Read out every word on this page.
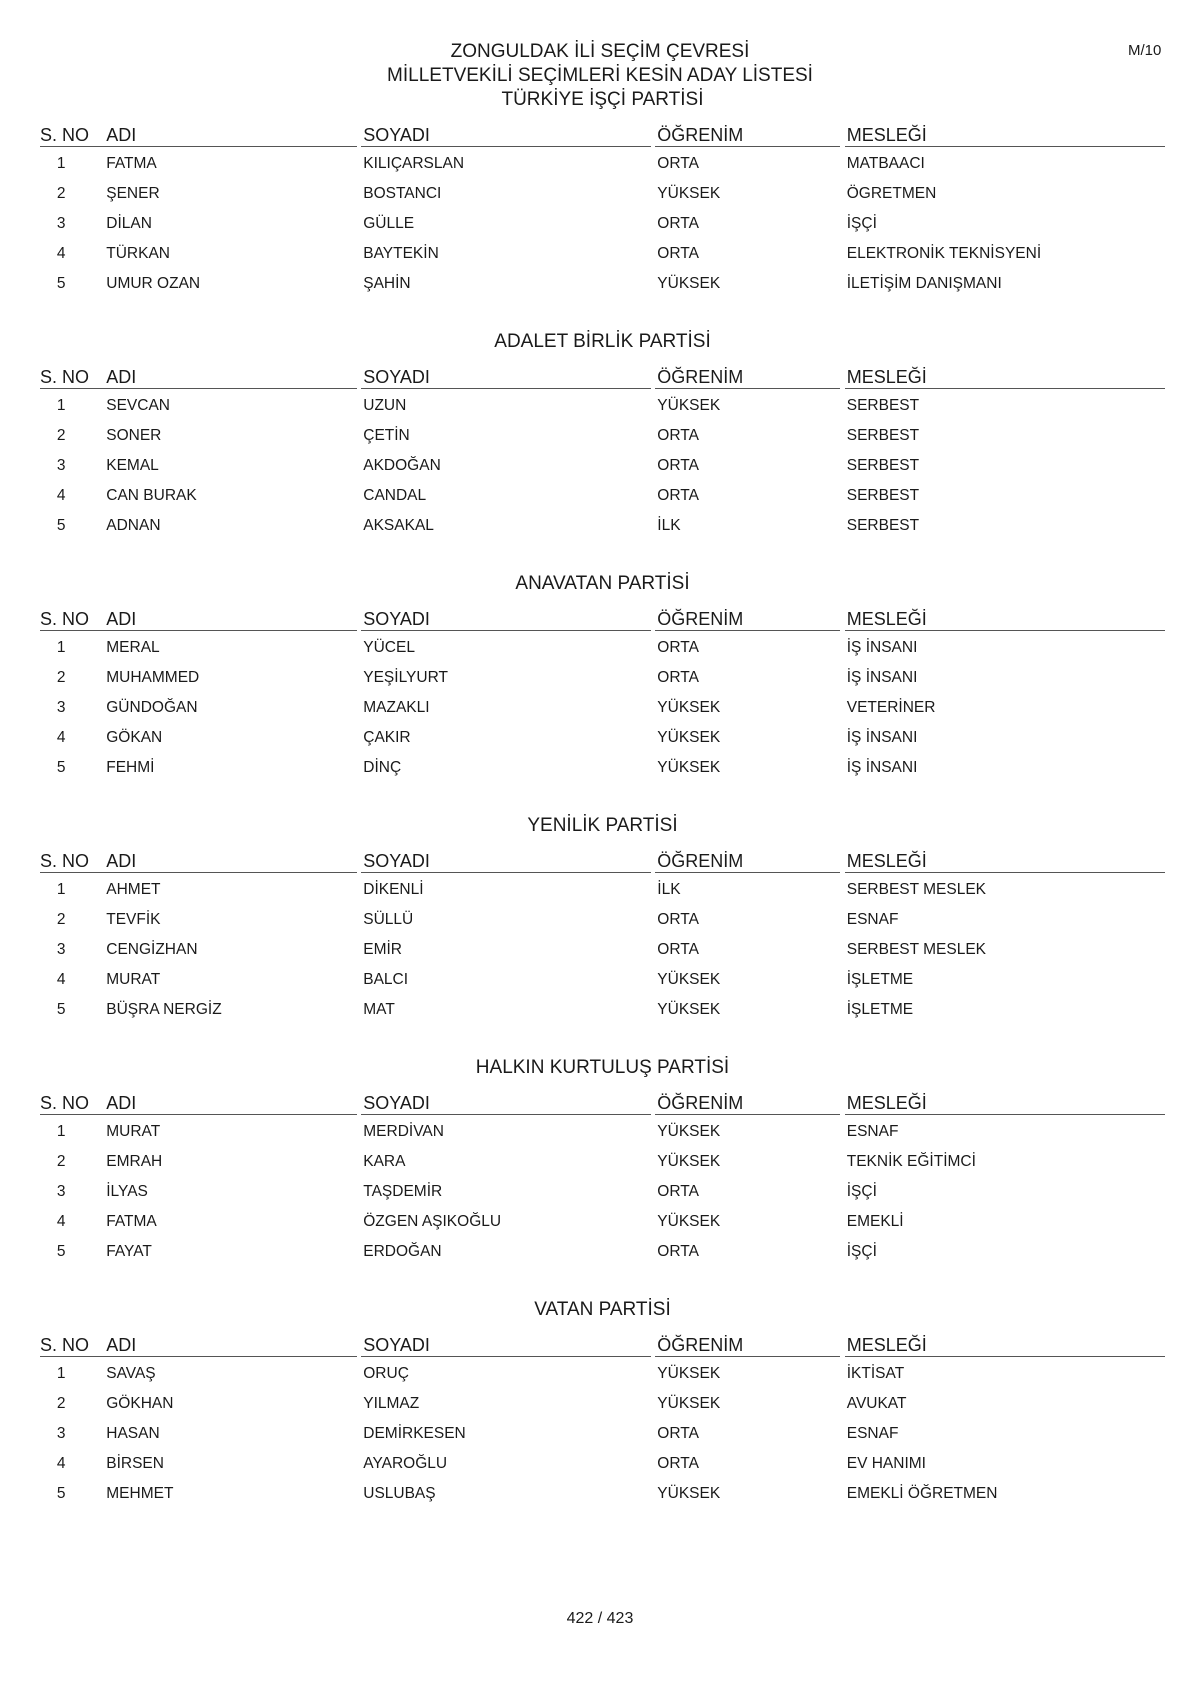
M/10
ZONGULDAK İLİ SEÇİM ÇEVRESİ
MİLLETVEKİLİ SEÇİMLERİ KESİN ADAY LİSTESİ
TÜRKİYE İŞÇİ PARTİSİ
S. NO	ADI		SOYADI		ÖĞRENİM		MESLEĞİ
1	FATMA		KILIÇARSLAN		ORTA		MATBAACI
2	ŞENER		BOSTANCI		YÜKSEK		ÖGRETMEN
3	DİLAN		GÜLLE		ORTA		İŞÇİ
4	TÜRKAN		BAYTEKİN		ORTA		ELEKTRONİK TEKNİSYENİ
5	UMUR OZAN		ŞAHİN		YÜKSEK		İLETİŞİM DANIŞMANI
ADALET BİRLİK PARTİSİ
S. NO	ADI		SOYADI		ÖĞRENİM		MESLEĞİ
1	SEVCAN		UZUN		YÜKSEK		SERBEST
2	SONER		ÇETİN		ORTA		SERBEST
3	KEMAL		AKDOĞAN		ORTA		SERBEST
4	CAN BURAK		CANDAL		ORTA		SERBEST
5	ADNAN		AKSAKAL		İLK		SERBEST
ANAVATAN PARTİSİ
S. NO	ADI		SOYADI		ÖĞRENİM		MESLEĞİ
1	MERAL		YÜCEL		ORTA		İŞ İNSANI
2	MUHAMMED		YEŞİLYURT		ORTA		İŞ İNSANI
3	GÜNDOĞAN		MAZAKLI		YÜKSEK		VETERİNER
4	GÖKAN		ÇAKIR		YÜKSEK		İŞ İNSANI
5	FEHMİ		DİNÇ		YÜKSEK		İŞ İNSANI
YENİLİK PARTİSİ
S. NO	ADI		SOYADI		ÖĞRENİM		MESLEĞİ
1	AHMET		DİKENLİ		İLK		SERBEST MESLEK
2	TEVFİK		SÜLLÜ		ORTA		ESNAF
3	CENGİZHAN		EMİR		ORTA		SERBEST MESLEK
4	MURAT		BALCI		YÜKSEK		İŞLETME
5	BÜŞRA NERGİZ		MAT		YÜKSEK		İŞLETME
HALKIN KURTULUŞ PARTİSİ
S. NO	ADI		SOYADI		ÖĞRENİM		MESLEĞİ
1	MURAT		MERDİVAN		YÜKSEK		ESNAF
2	EMRAH		KARA		YÜKSEK		TEKNİK EĞİTİMCİ
3	İLYAS		TAŞDEMİR		ORTA		İŞÇİ
4	FATMA		ÖZGEN AŞIKOĞLU		YÜKSEK		EMEKLİ
5	FAYAT		ERDOĞAN		ORTA		İŞÇİ
VATAN PARTİSİ
S. NO	ADI		SOYADI		ÖĞRENİM		MESLEĞİ
1	SAVAŞ		ORUÇ		YÜKSEK		İKTİSAT
2	GÖKHAN		YILMAZ		YÜKSEK		AVUKAT
3	HASAN		DEMİRKESEN		ORTA		ESNAF
4	BİRSEN		AYAROĞLU		ORTA		EV HANIMI
5	MEHMET		USLUBAŞ		YÜKSEK		EMEKLİ ÖĞRETMEN
422 / 423
